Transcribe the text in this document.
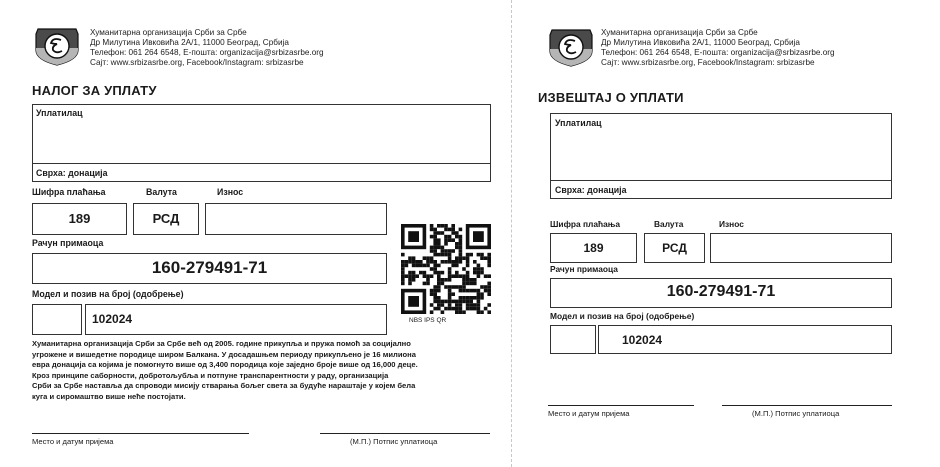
Хуманитарна организација Срби за Србе
Др Милутина Ивковића 2А/1, 11000 Београд, Србија
Телефон: 061 264 6548, E-пошта: organizacija@srbizasrbe.org
Сајт: www.srbizasrbe.org, Facebook/Instagram: srbizasrbe
НАЛОГ ЗА УПЛАТУ
Уплатилац
Сврха: донација
Шифра плаћања	Валута	Износ
189	РСД
Рачун примаоца
160-279491-71
Модел и позив на број (одобрење)
102024	NBS IPS QR
Хуманитарна организација Срби за Србе већ од 2005. године прикупља и пружа помоћ за социјално
угрожене и вишедетне породице широм Балкана. У досадашњем периоду прикупљено је 16 милиона
евра донација са којима је помогнуто више од 3,400 породица које заједно броје више од 16,000 деце.
Кроз принципе саборности, добротољубља и потпуне транспарентности у раду, организација
Срби за Србе наставља да спроводи мисију стварања бољег света за будуће нараштаје у којем бела
куга и сиромаштво више неће постојати.
Место и датум пријема	(М.П.) Потпис уплатиоца
Хуманитарна организација Срби за Србе
Др Милутина Ивковића 2А/1, 11000 Београд, Србија
Телефон: 061 264 6548, E-пошта: organizacija@srbizasrbe.org
Сајт: www.srbizasrbe.org, Facebook/Instagram: srbizasrbe
ИЗВЕШТАЈ О УПЛАТИ
Уплатилац
Сврха: донација
Шифра плаћања	Валута	Износ
189	РСД
Рачун примаоца
160-279491-71
Модел и позив на број (одобрење)
102024
Место и датум пријема	(М.П.) Потпис уплатиоца
